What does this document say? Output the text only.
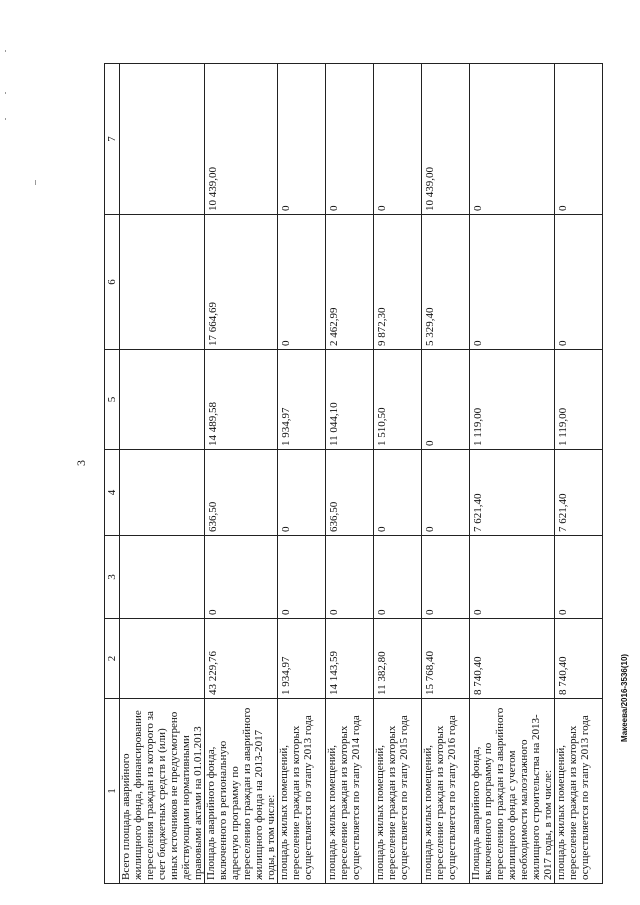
3
Макеева/2016-3536(10)
1	2	3	4	5	6	7
Всего площадь аварийного жилищного фонда, финансирование переселения граждан из которого за счет бюджетных средств и (или) иных источников не предусмотрено действующими нормативными правовыми актами на 01.01.2013						
Площадь аварийного фонда, включенного в региональную адресную программу по переселению граждан из аварийного жилищного фонда на 2013-2017 годы, в том числе:	43 229,76	0	636,50	14 489,58	17 664,69	10 439,00
площадь жилых помещений, переселение граждан из которых осуществляется по этапу 2013 года	1 934,97	0	0	1 934,97	0	0
площадь жилых помещений, переселение граждан из которых осуществляется по этапу 2014 года	14 143,59	0	636,50	11 044,10	2 462,99	0
площадь жилых помещений, переселение граждан из которых осуществляется по этапу 2015 года	11 382,80	0	0	1 510,50	9 872,30	0
площадь жилых помещений, переселение граждан из которых осуществляется по этапу 2016 года	15 768,40	0	0	0	5 329,40	10 439,00
Площадь аварийного фонда, включенного в программу по переселению граждан из аварийного жилищного фонда с учетом необходимости малоэтажного жилищного строительства на 2013-2017 годы, в том числе:	8 740,40	0	7 621,40	1 119,00	0	0
площадь жилых помещений, переселение граждан из которых осуществляется по этапу 2013 года	8 740,40	0	7 621,40	1 119,00	0	0
